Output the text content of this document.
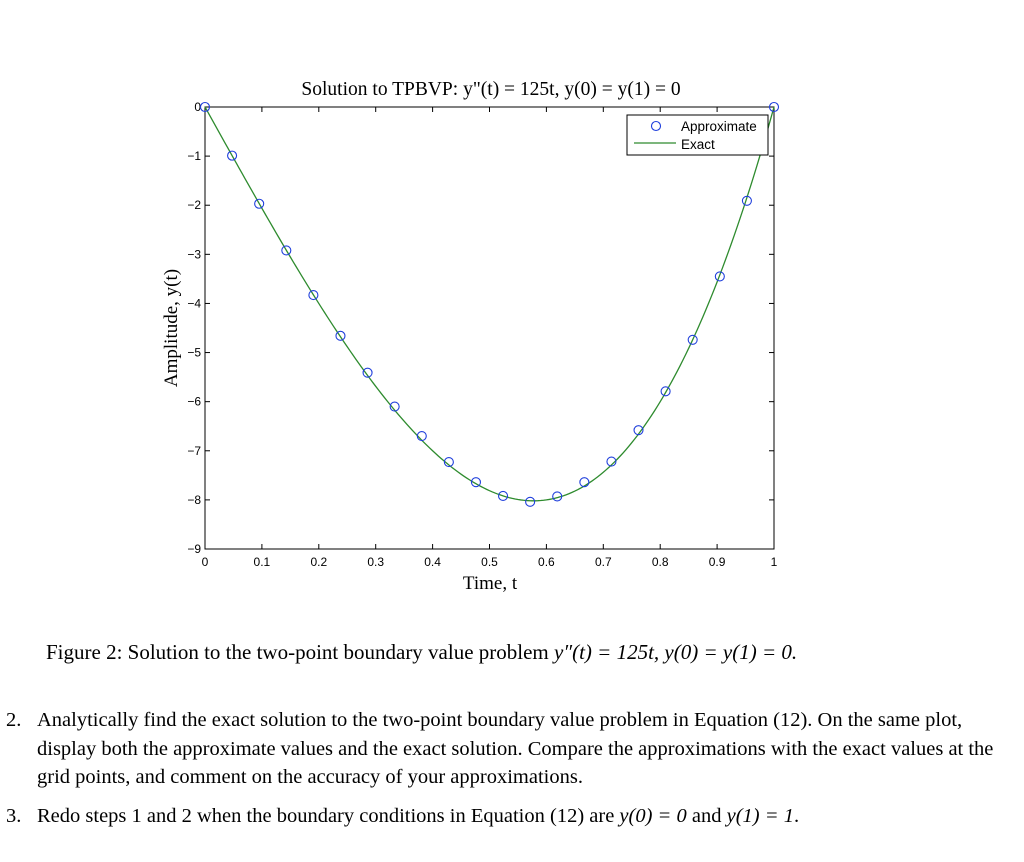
Solution to TPBVP: y"(t) = 125t, y(0) = y(1) = 0
0	0.1	0.2	0.3	0.4	0.5	0.6	0.7	0.8	0.9	1
0
−1
−2
−3
−4
−5
−6
−7
−8
−9
Time, t
Amplitude, y(t)
Approximate
Exact
Figure 2: Solution to the two-point boundary value problem y″(t) = 125t, y(0) = y(1) = 0.
2. Analytically find the exact solution to the two-point boundary value problem in Equation (12). On the same plot, display both the approximate values and the exact solution. Compare the approximations with the exact values at the grid points, and comment on the accuracy of your approximations.
3. Redo steps 1 and 2 when the boundary conditions in Equation (12) are y(0) = 0 and y(1) = 1.
